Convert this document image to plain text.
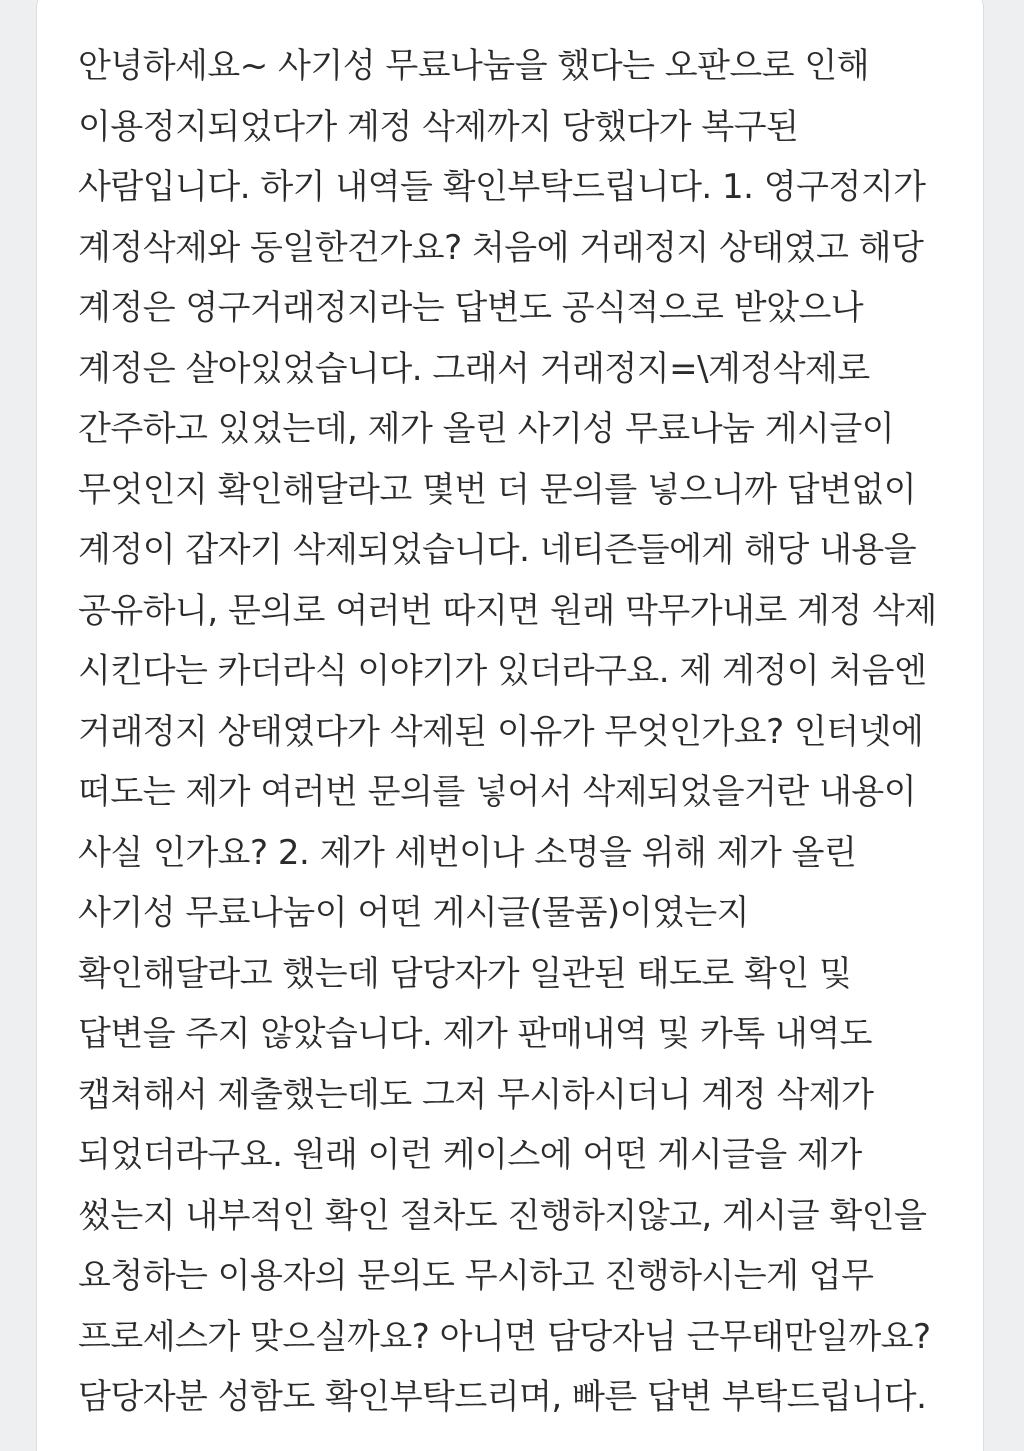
안녕하세요~ 사기성 무료나눔을 했다는 오판으로 인해 이용정지되었다가 계정 삭제까지 당했다가 복구된 사람입니다. 하기 내역들 확인부탁드립니다. 1. 영구정지가 계정삭제와 동일한건가요? 처음에 거래정지 상태였고 해당 계정은 영구거래정지라는 답변도 공식적으로 받았으나 계정은 살아있었습니다. 그래서 거래정지=\계정삭제로 간주하고 있었는데, 제가 올린 사기성 무료나눔 게시글이 무엇인지 확인해달라고 몇번 더 문의를 넣으니까 답변없이 계정이 갑자기 삭제되었습니다. 네티즌들에게 해당 내용을 공유하니, 문의로 여러번 따지면 원래 막무가내로 계정 삭제 시킨다는 카더라식 이야기가 있더라구요. 제 계정이 처음엔 거래정지 상태였다가 삭제된 이유가 무엇인가요? 인터넷에 떠도는 제가 여러번 문의를 넣어서 삭제되었을거란 내용이 사실 인가요? 2. 제가 세번이나 소명을 위해 제가 올린 사기성 무료나눔이 어떤 게시글(물품)이였는지 확인해달라고 했는데 담당자가 일관된 태도로 확인 및 답변을 주지 않았습니다. 제가 판매내역 및 카톡 내역도 캡쳐해서 제출했는데도 그저 무시하시더니 계정 삭제가 되었더라구요. 원래 이런 케이스에 어떤 게시글을 제가 썼는지 내부적인 확인 절차도 진행하지않고, 게시글 확인을 요청하는 이용자의 문의도 무시하고 진행하시는게 업무 프로세스가 맞으실까요? 아니면 담당자님 근무태만일까요? 담당자분 성함도 확인부탁드리며, 빠른 답변 부탁드립니다.
